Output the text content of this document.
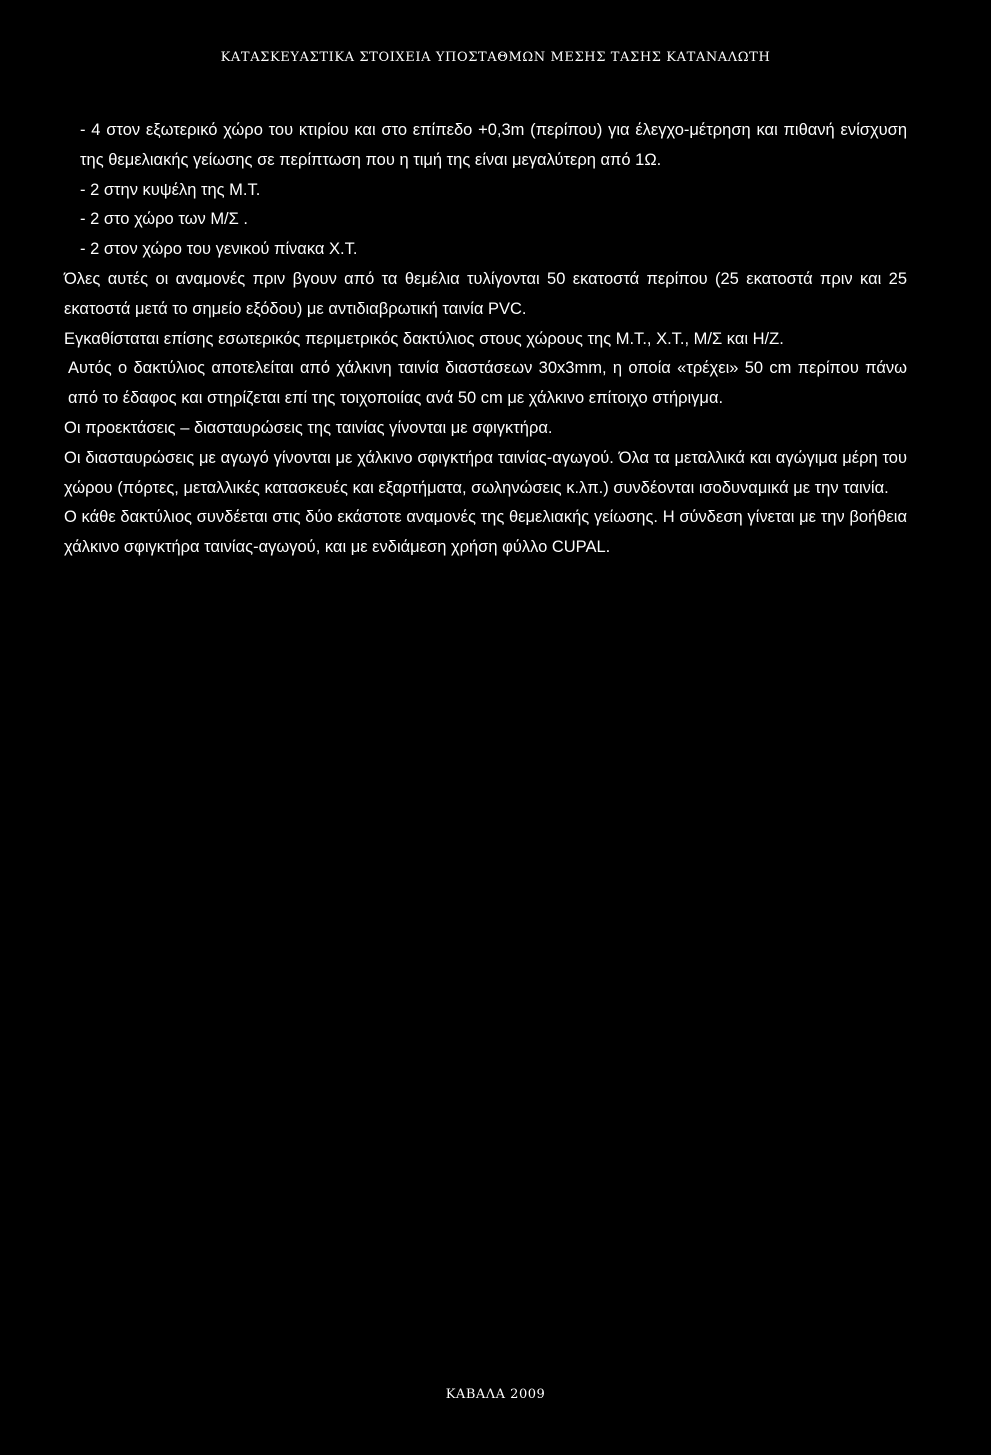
ΚΑΤΑΣΚΕΥΑΣΤΙΚΑ ΣΤΟΙΧΕΙΑ ΥΠΟΣΤΑΘΜΩΝ ΜΕΣΗΣ ΤΑΣΗΣ ΚΑΤΑΝΑΛΩΤΗ

- 4 στον εξωτερικό χώρο του κτιρίου και στο επίπεδο +0,3m (περίπου) για έλεγχο-μέτρηση και πιθανή ενίσχυση της θεμελιακής γείωσης σε περίπτωση που η τιμή της είναι μεγαλύτερη από 1Ω.

- 2 στην κυψέλη της Μ.Τ.

- 2 στο χώρο των Μ/Σ .

- 2 στον χώρο του γενικού πίνακα Χ.Τ.

Όλες αυτές οι αναμονές πριν βγουν από τα θεμέλια τυλίγονται 50 εκατοστά περίπου (25 εκατοστά πριν και 25 εκατοστά μετά το σημείο εξόδου) με αντιδιαβρωτική ταινία PVC.

Εγκαθίσταται επίσης εσωτερικός περιμετρικός δακτύλιος στους χώρους της Μ.Τ., Χ.Τ., Μ/Σ και Η/Ζ.

Αυτός ο δακτύλιος αποτελείται από χάλκινη ταινία διαστάσεων 30x3mm, η οποία «τρέχει» 50 cm περίπου πάνω από το έδαφος και στηρίζεται επί της τοιχοποιίας ανά 50 cm με χάλκινο επίτοιχο στήριγμα.

Οι προεκτάσεις – διασταυρώσεις της ταινίας γίνονται με σφιγκτήρα.

Οι διασταυρώσεις με αγωγό γίνονται με χάλκινο σφιγκτήρα ταινίας-αγωγού. Όλα τα μεταλλικά και αγώγιμα μέρη του χώρου (πόρτες, μεταλλικές κατασκευές και εξαρτήματα, σωληνώσεις κ.λπ.) συνδέονται ισοδυναμικά με την ταινία.

Ο κάθε δακτύλιος συνδέεται στις δύο εκάστοτε αναμονές της θεμελιακής γείωσης. Η σύνδεση γίνεται με την βοήθεια χάλκινο σφιγκτήρα ταινίας-αγωγού, και με ενδιάμεση χρήση φύλλο CUPAL.

ΚΑΒΑΛΑ 2009
